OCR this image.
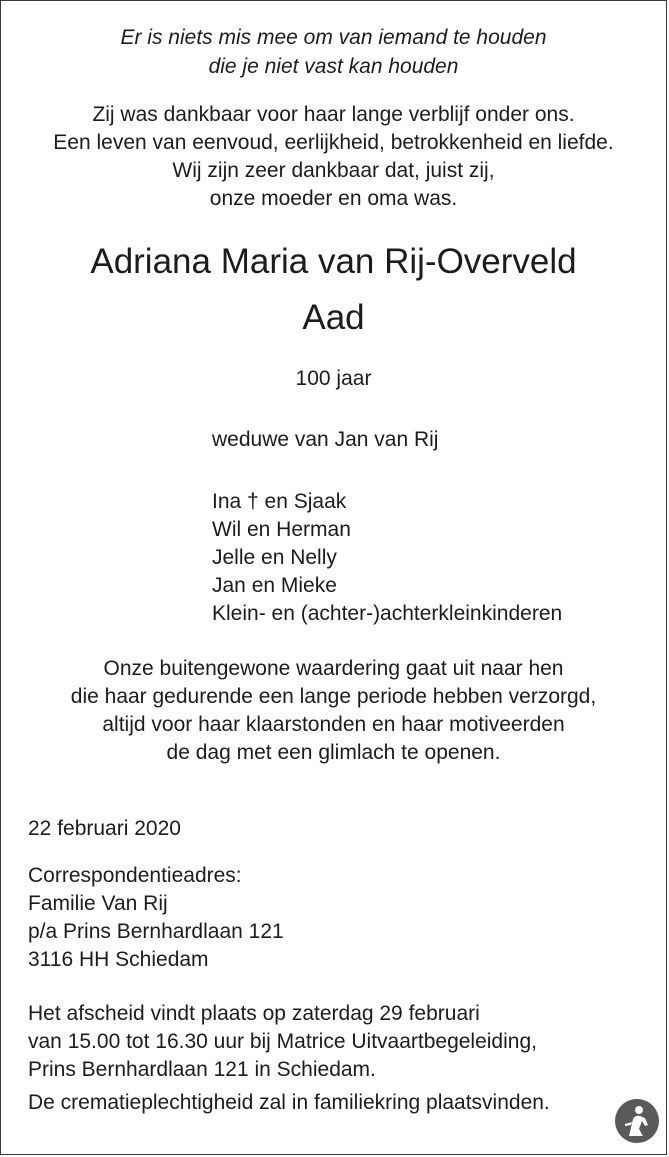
Er is niets mis mee om van iemand te houden
die je niet vast kan houden
Zij was dankbaar voor haar lange verblijf onder ons.
Een leven van eenvoud, eerlijkheid, betrokkenheid en liefde.
Wij zijn zeer dankbaar dat, juist zij,
onze moeder en oma was.
Adriana Maria van Rij-Overveld
Aad
100 jaar
weduwe van Jan van Rij
Ina † en Sjaak
Wil en Herman
Jelle en Nelly
Jan en Mieke
Klein- en (achter-)achterkleinkinderen
Onze buitengewone waardering gaat uit naar hen
die haar gedurende een lange periode hebben verzorgd,
altijd voor haar klaarstonden en haar motiveerden
de dag met een glimlach te openen.
22 februari 2020
Correspondentieadres:
Familie Van Rij
p/a Prins Bernhardlaan 121
3116 HH Schiedam
Het afscheid vindt plaats op zaterdag 29 februari
van 15.00 tot 16.30 uur bij Matrice Uitvaartbegeleiding,
Prins Bernhardlaan 121 in Schiedam.
De crematieplechtigheid zal in familiekring plaatsvinden.
